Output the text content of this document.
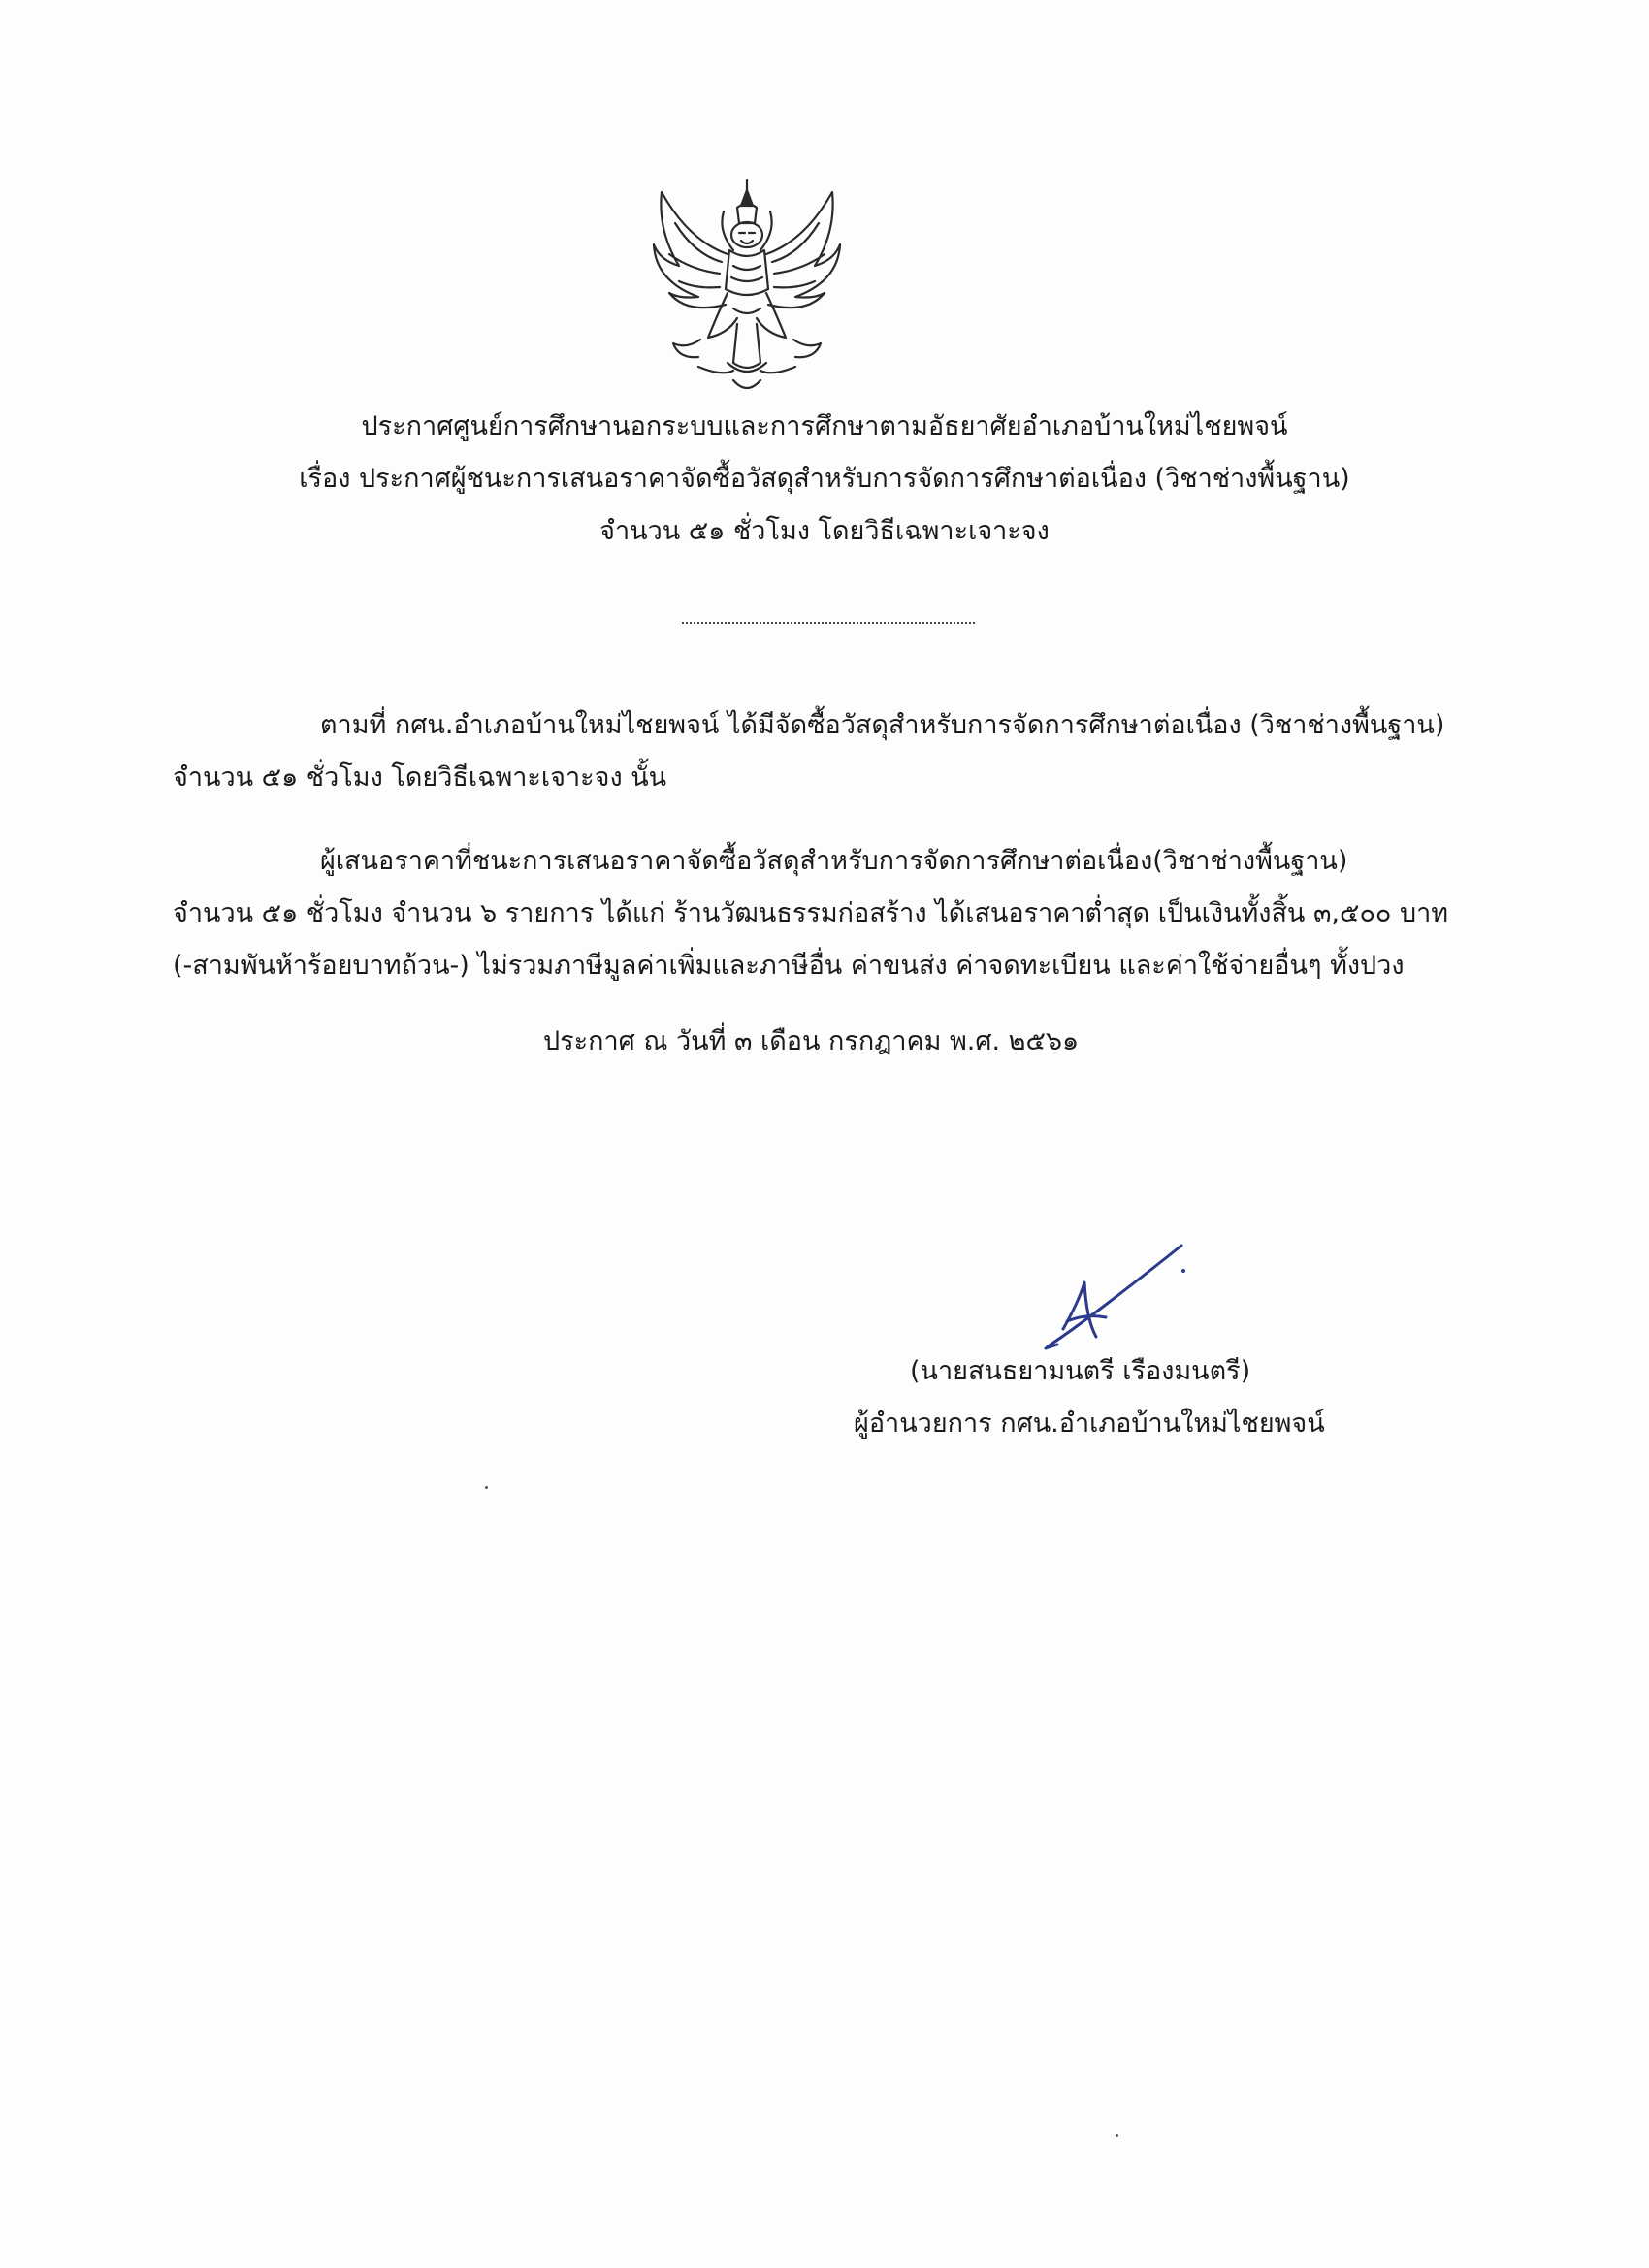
ประกาศศูนย์การศึกษานอกระบบและการศึกษาตามอัธยาศัยอำเภอบ้านใหม่ไชยพจน์
เรื่อง ประกาศผู้ชนะการเสนอราคาจัดซื้อวัสดุสำหรับการจัดการศึกษาต่อเนื่อง (วิชาช่างพื้นฐาน)
จำนวน ๕๑ ชั่วโมง โดยวิธีเฉพาะเจาะจง
ตามที่ กศน.อำเภอบ้านใหม่ไชยพจน์ ได้มีจัดซื้อวัสดุสำหรับการจัดการศึกษาต่อเนื่อง (วิชาช่างพื้นฐาน)
จำนวน ๕๑ ชั่วโมง โดยวิธีเฉพาะเจาะจง นั้น
ผู้เสนอราคาที่ชนะการเสนอราคาจัดซื้อวัสดุสำหรับการจัดการศึกษาต่อเนื่อง(วิชาช่างพื้นฐาน)
จำนวน ๕๑ ชั่วโมง จำนวน ๖ รายการ ได้แก่ ร้านวัฒนธรรมก่อสร้าง ได้เสนอราคาต่ำสุด เป็นเงินทั้งสิ้น ๓,๕๐๐ บาท
(-สามพันห้าร้อยบาทถ้วน-) ไม่รวมภาษีมูลค่าเพิ่มและภาษีอื่น ค่าขนส่ง ค่าจดทะเบียน และค่าใช้จ่ายอื่นๆ ทั้งปวง
ประกาศ ณ วันที่ ๓ เดือน กรกฎาคม พ.ศ. ๒๕๖๑
(นายสนธยามนตรี เรืองมนตรี)
ผู้อำนวยการ กศน.อำเภอบ้านใหม่ไชยพจน์
